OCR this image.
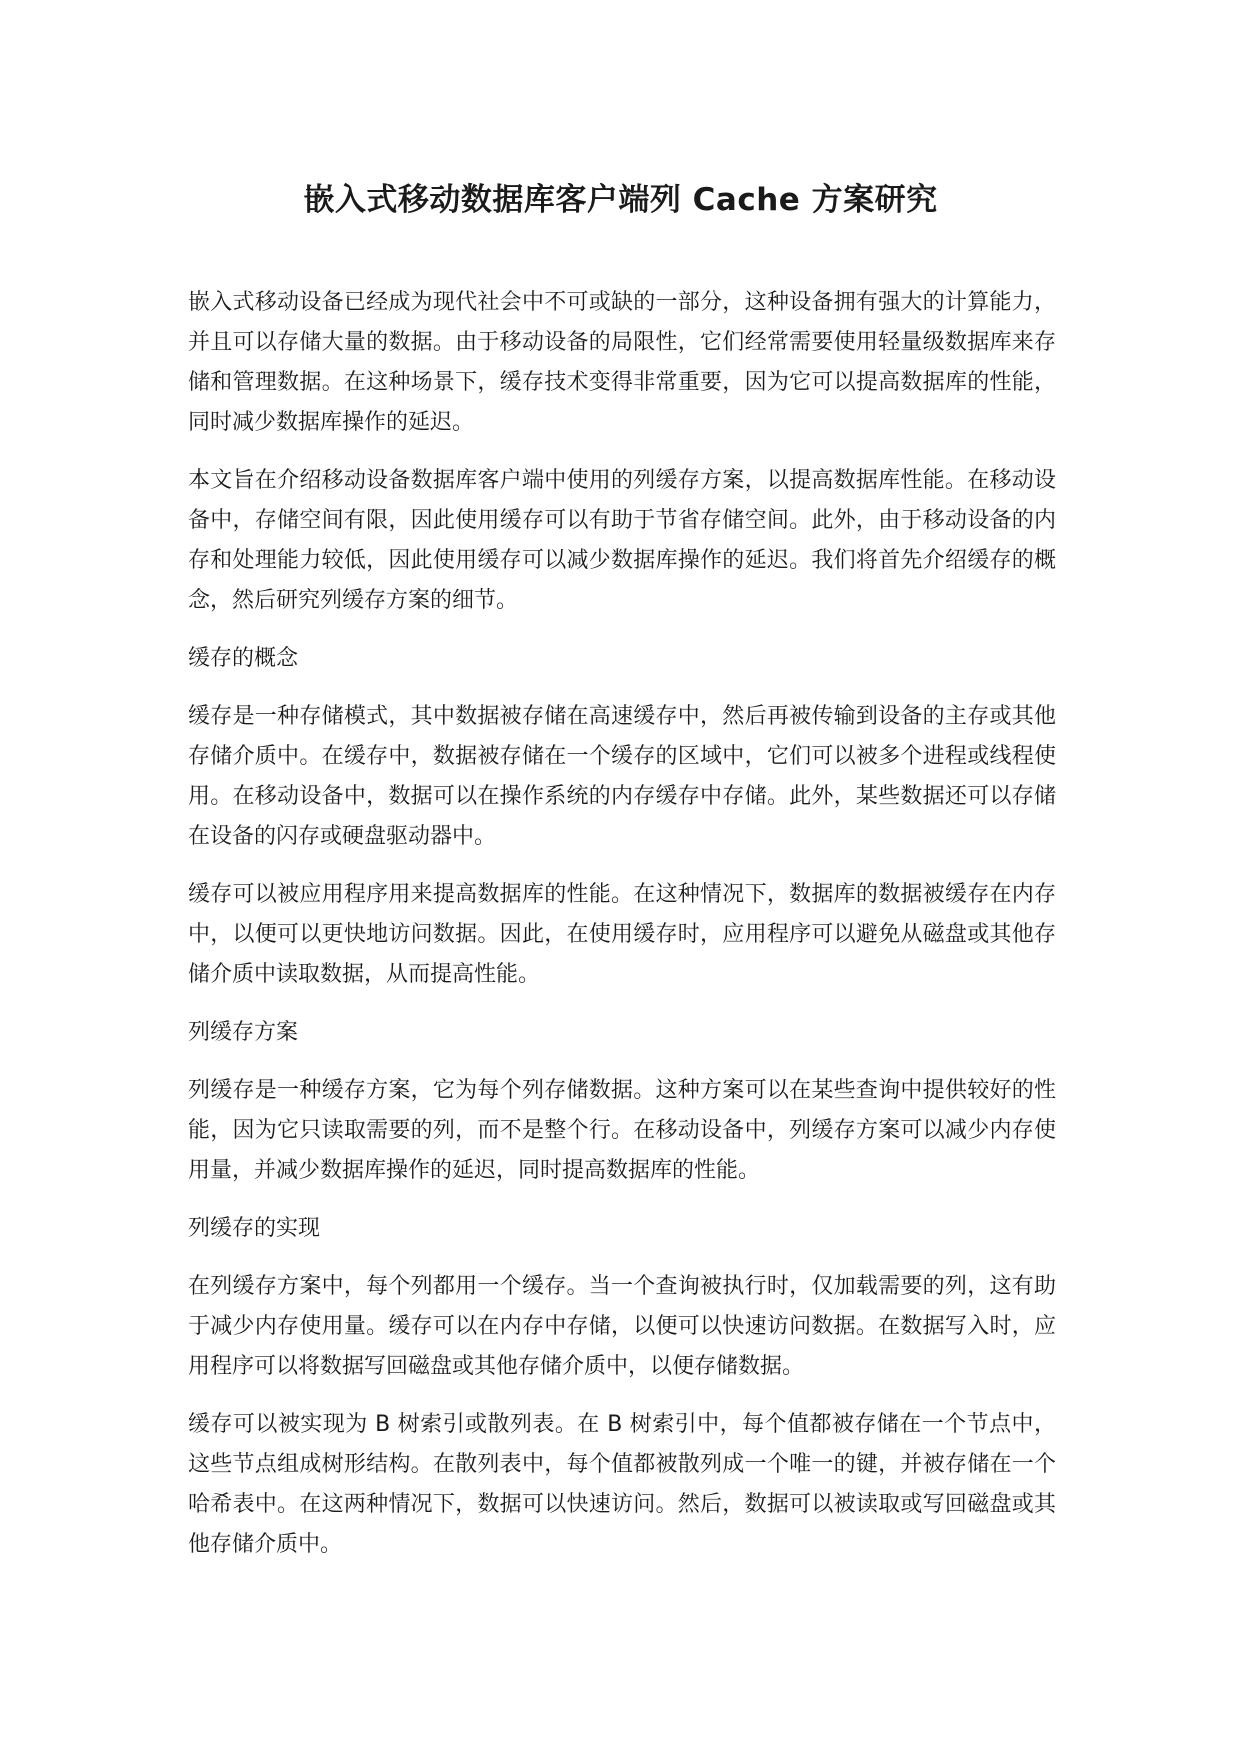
嵌入式移动数据库客户端列 Cache 方案研究

嵌入式移动设备已经成为现代社会中不可或缺的一部分，这种设备拥有强大的计算能力，并且可以存储大量的数据。由于移动设备的局限性，它们经常需要使用轻量级数据库来存储和管理数据。在这种场景下，缓存技术变得非常重要，因为它可以提高数据库的性能，同时减少数据库操作的延迟。

本文旨在介绍移动设备数据库客户端中使用的列缓存方案，以提高数据库性能。在移动设备中，存储空间有限，因此使用缓存可以有助于节省存储空间。此外，由于移动设备的内存和处理能力较低，因此使用缓存可以减少数据库操作的延迟。我们将首先介绍缓存的概念，然后研究列缓存方案的细节。

缓存的概念

缓存是一种存储模式，其中数据被存储在高速缓存中，然后再被传输到设备的主存或其他存储介质中。在缓存中，数据被存储在一个缓存的区域中，它们可以被多个进程或线程使用。在移动设备中，数据可以在操作系统的内存缓存中存储。此外，某些数据还可以存储在设备的闪存或硬盘驱动器中。

缓存可以被应用程序用来提高数据库的性能。在这种情况下，数据库的数据被缓存在内存中，以便可以更快地访问数据。因此，在使用缓存时，应用程序可以避免从磁盘或其他存储介质中读取数据，从而提高性能。

列缓存方案

列缓存是一种缓存方案，它为每个列存储数据。这种方案可以在某些查询中提供较好的性能，因为它只读取需要的列，而不是整个行。在移动设备中，列缓存方案可以减少内存使用量，并减少数据库操作的延迟，同时提高数据库的性能。

列缓存的实现

在列缓存方案中，每个列都用一个缓存。当一个查询被执行时，仅加载需要的列，这有助于减少内存使用量。缓存可以在内存中存储，以便可以快速访问数据。在数据写入时，应用程序可以将数据写回磁盘或其他存储介质中，以便存储数据。

缓存可以被实现为 B 树索引或散列表。在 B 树索引中，每个值都被存储在一个节点中，这些节点组成树形结构。在散列表中，每个值都被散列成一个唯一的键，并被存储在一个哈希表中。在这两种情况下，数据可以快速访问。然后，数据可以被读取或写回磁盘或其他存储介质中。
